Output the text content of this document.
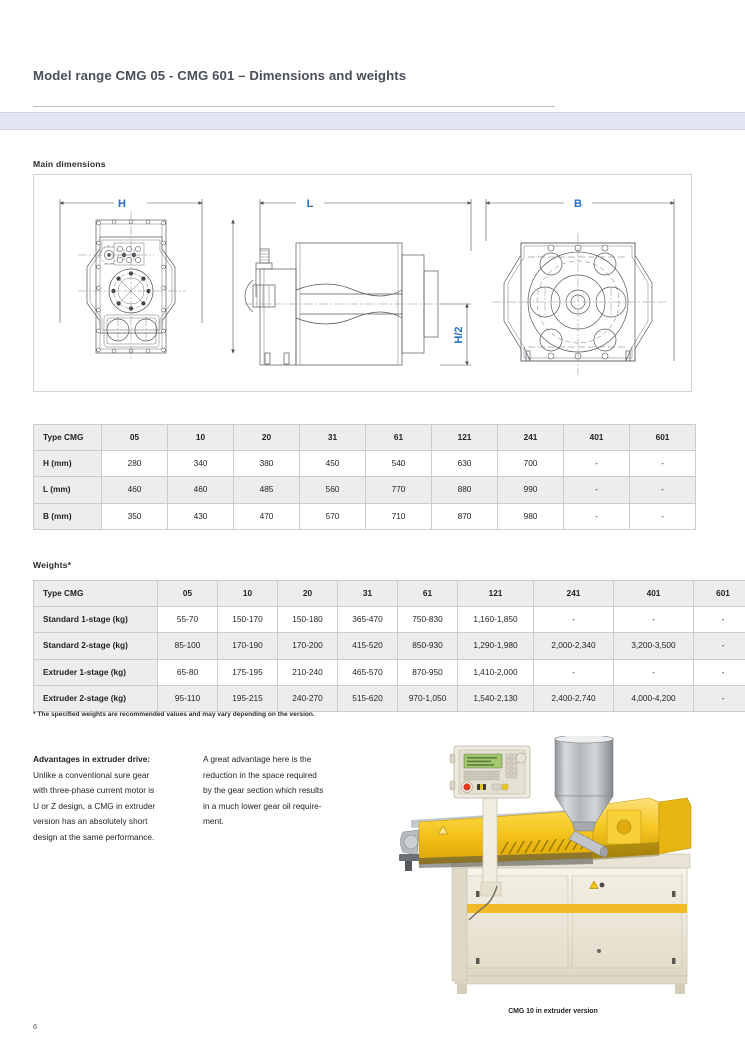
Model range CMG 05 - CMG 601 – Dimensions and weights
Main dimensions
H	L
H/2
B
Type CMG	05	10	20	31	61	121	241	401	601
H (mm)	280	340	380	450	540	630	700	-	-
L (mm)	460	460	485	560	770	880	990	-	-
B (mm)	350	430	470	570	710	870	980	-	-
Weights*
Type CMG	05	10	20	31	61	121	241	401	601
Standard 1-stage (kg)	55-70	150-170	150-180	365-470	750-830	1,160-1,850	-	-	-
Standard 2-stage (kg)	85-100	170-190	170-200	415-520	850-930	1,290-1,980	2,000-2,340	3,200-3,500	-
Extruder 1-stage (kg)	65-80	175-195	210-240	465-570	870-950	1,410-2,000	-	-	-
Extruder 2-stage (kg)	95-110	195-215	240-270	515-620	970-1,050	1,540-2,130	2,400-2,740	4,000-4,200	-
* The specified weights are recommended values and may vary depending on the version.
Advantages in extruder drive:
Unlike a conventional sure gear
with three-phase current motor is
U or Z design, a CMG in extruder
version has an absolutely short
design at the same performance.
A great advantage here is the
reduction in the space required
by the gear section which results
in a much lower gear oil require-
ment.
CMG 10 in extruder version
6
